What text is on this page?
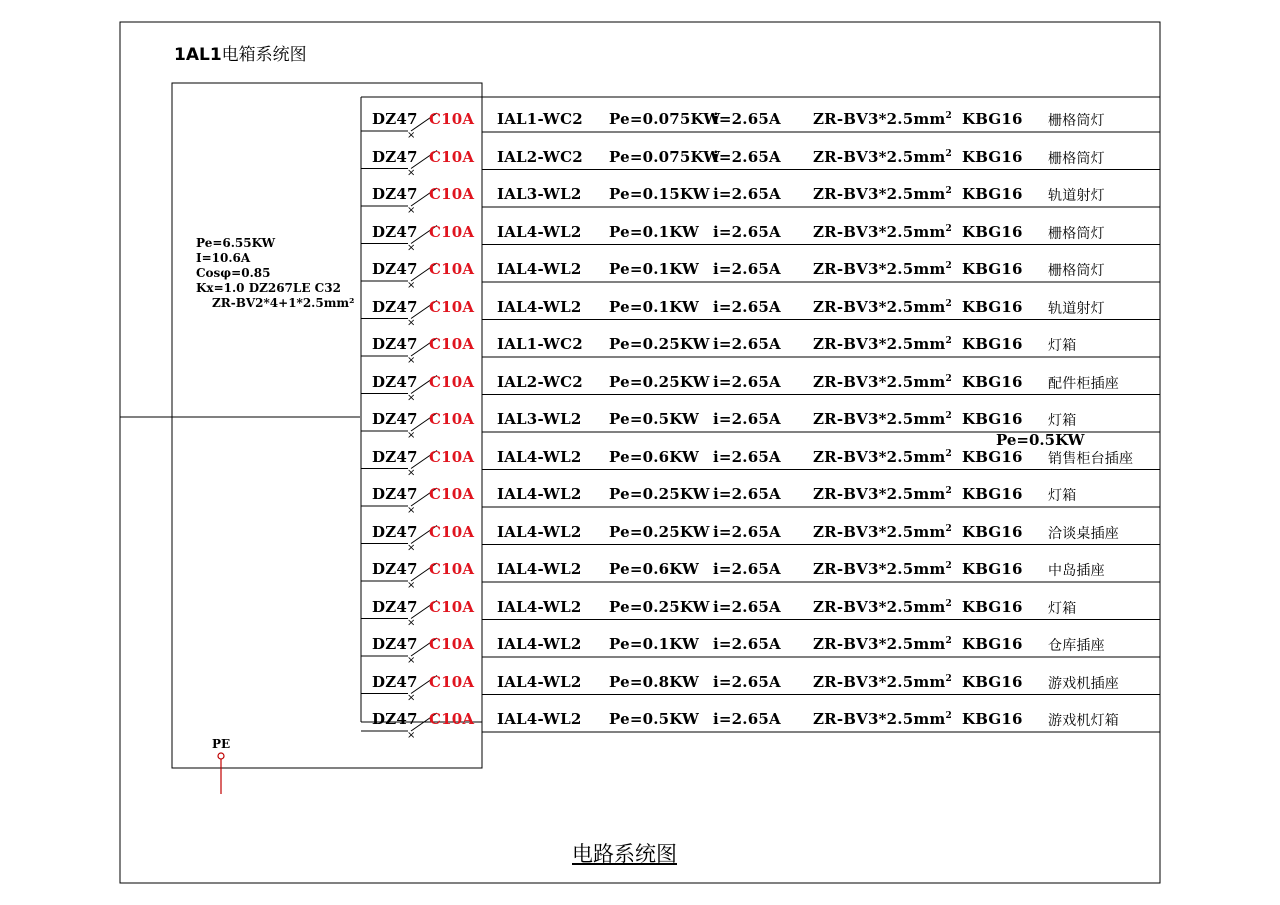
×
×
×
×
×
×
×
×
×
×
×
×
×
×
×
×
×
1AL1电箱系统图
Pe=6.55KW
I=10.6A
Cosφ=0.85
Kx=1.0 DZ267LE C32
ZR-BV2*4+1*2.5mm²
DZ47 C10A IAL1-WC2 Pe=0.075KW
i=2.65A $ZR-BV3*2.5mm^2$ KBG16 栅格筒灯
DZ47 C10A IAL2-WC2 Pe=0.075KW
i=2.65A $ZR-BV3*2.5mm^2$ KBG16 栅格筒灯
DZ47 C10A IAL3-WL2 Pe=0.15KW i=2.65A $ZR-BV3*2.5mm^2$ KBG16 轨道射灯
DZ47 C10A IAL4-WL2 Pe=0.1KW i=2.65A $ZR-BV3*2.5mm^2$ KBG16 栅格筒灯
DZ47 C10A IAL4-WL2 Pe=0.1KW i=2.65A $ZR-BV3*2.5mm^2$ KBG16 栅格筒灯
DZ47 C10A IAL4-WL2 Pe=0.1KW i=2.65A $ZR-BV3*2.5mm^2$ KBG16 轨道射灯
DZ47 C10A IAL1-WC2 Pe=0.25KW i=2.65A $ZR-BV3*2.5mm^2$ KBG16 灯箱
DZ47 C10A IAL2-WC2 Pe=0.25KW i=2.65A $ZR-BV3*2.5mm^2$ KBG16 配件柜插座
DZ47 C10A IAL3-WL2 Pe=0.5KW i=2.65A $ZR-BV3*2.5mm^2$ KBG16 灯箱
DZ47 C10A IAL4-WL2 Pe=0.6KW i=2.65A $ZR-BV3*2.5mm^2$ KBG16 销售柜台插座
DZ47 C10A IAL4-WL2 Pe=0.25KW i=2.65A $ZR-BV3*2.5mm^2$ KBG16 灯箱
DZ47 C10A IAL4-WL2 Pe=0.25KW i=2.65A $ZR-BV3*2.5mm^2$ KBG16 洽谈桌插座
DZ47 C10A IAL4-WL2 Pe=0.6KW i=2.65A $ZR-BV3*2.5mm^2$ KBG16 中岛插座
DZ47 C10A IAL4-WL2 Pe=0.25KW i=2.65A $ZR-BV3*2.5mm^2$ KBG16 灯箱
DZ47 C10A IAL4-WL2 Pe=0.1KW i=2.65A $ZR-BV3*2.5mm^2$ KBG16 仓库插座
DZ47 C10A IAL4-WL2 Pe=0.8KW i=2.65A $ZR-BV3*2.5mm^2$ KBG16 游戏机插座
DZ47 C10A IAL4-WL2 Pe=0.5KW i=2.65A $ZR-BV3*2.5mm^2$ KBG16 游戏机灯箱
Pe=0.5KW
PE
电路系统图
